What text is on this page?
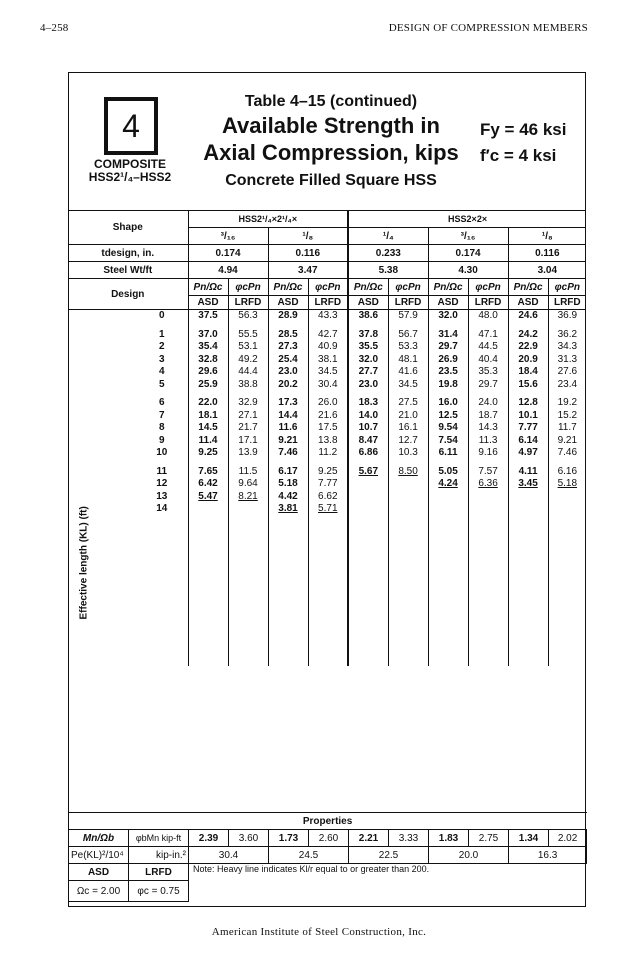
4–258	DESIGN OF COMPRESSION MEMBERS
4
COMPOSITE
HSS2¹/₄–HSS2
Table 4–15 (continued)
Available Strength in
Axial Compression, kips
Concrete Filled Square HSS
Fy = 46 ksi
f′c = 4 ksi
Shape		HSS2¹/₄×2¹/₄×				HSS2×2×					
		³/₁₆		¹/₈		¹/₄		³/₁₆		¹/₈	
tdesign, in.		0.174		0.116		0.233		0.174		0.116	
Steel Wt/ft		4.94		3.47		5.38		4.30		3.04	
Design		Pn/Ωc	φcPn	Pn/Ωc	φcPn	Pn/Ωc	φcPn	Pn/Ωc	φcPn	Pn/Ωc	φcPn
		ASD	LRFD	ASD	LRFD	ASD	LRFD	ASD	LRFD	ASD	LRFD
	0	37.5	56.3	28.9	43.3	38.6	57.9	32.0	48.0	24.6	36.9

	1	37.0	55.5	28.5	42.7	37.8	56.7	31.4	47.1	24.2	36.2
	2	35.4	53.1	27.3	40.9	35.5	53.3	29.7	44.5	22.9	34.3
	3	32.8	49.2	25.4	38.1	32.0	48.1	26.9	40.4	20.9	31.3
	4	29.6	44.4	23.0	34.5	27.7	41.6	23.5	35.3	18.4	27.6
	5	25.9	38.8	20.2	30.4	23.0	34.5	19.8	29.7	15.6	23.4

	6	22.0	32.9	17.3	26.0	18.3	27.5	16.0	24.0	12.8	19.2
	7	18.1	27.1	14.4	21.6	14.0	21.0	12.5	18.7	10.1	15.2
	8	14.5	21.7	11.6	17.5	10.7	16.1	9.54	14.3	7.77	11.7
	9	11.4	17.1	9.21	13.8	8.47	12.7	7.54	11.3	6.14	9.21
	10	9.25	13.9	7.46	11.2	6.86	10.3	6.11	9.16	4.97	7.46

	11	7.65	11.5	6.17	9.25	5.67	8.50	5.05	7.57	4.11	6.16
	12	6.42	9.64	5.18	7.77			4.24	6.36	3.45	5.18
	13	5.47	8.21	4.42	6.62						
	14			3.81	5.71						

Effective length (KL) (ft)
Properties											
Mn/Ωb	φbMn kip-ft	2.39	3.60	1.73	2.60	2.21	3.33	1.83	2.75	1.34	2.02
Pe(KL)²/10⁴	kip-in.²	30.4		24.5		22.5		20.0		16.3	
ASD	LRFD	Note: Heavy line indicates Kl/r equal to or greater than 200.									
Ωc = 2.00	φc = 0.75										
American Institute of Steel Construction, Inc.
